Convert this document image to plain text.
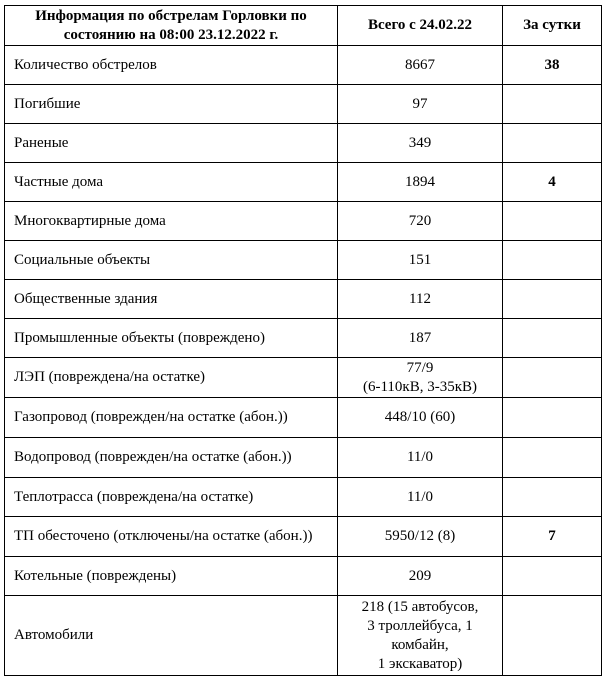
Информация по обстрелам Горловки по состоянию на 08:00 23.12.2022 г.	Всего с 24.02.22	За сутки
Количество обстрелов	8667	38
Погибшие	97	
Раненые	349	
Частные дома	1894	4
Многоквартирные дома	720	
Социальные объекты	151	
Общественные здания	112	
Промышленные объекты (повреждено)	187	
ЛЭП (повреждена/на остатке)	77/9
(6-110кВ, 3-35кВ)	
Газопровод (поврежден/на остатке (абон.))	448/10 (60)	
Водопровод (поврежден/на остатке (абон.))	11/0	
Теплотрасса (повреждена/на остатке)	11/0	
ТП обесточено (отключены/на остатке (абон.))	5950/12 (8)	7
Котельные (повреждены)	209	
Автомобили	218 (15 автобусов,
3 троллейбуса, 1
комбайн,
1 экскаватор)	
